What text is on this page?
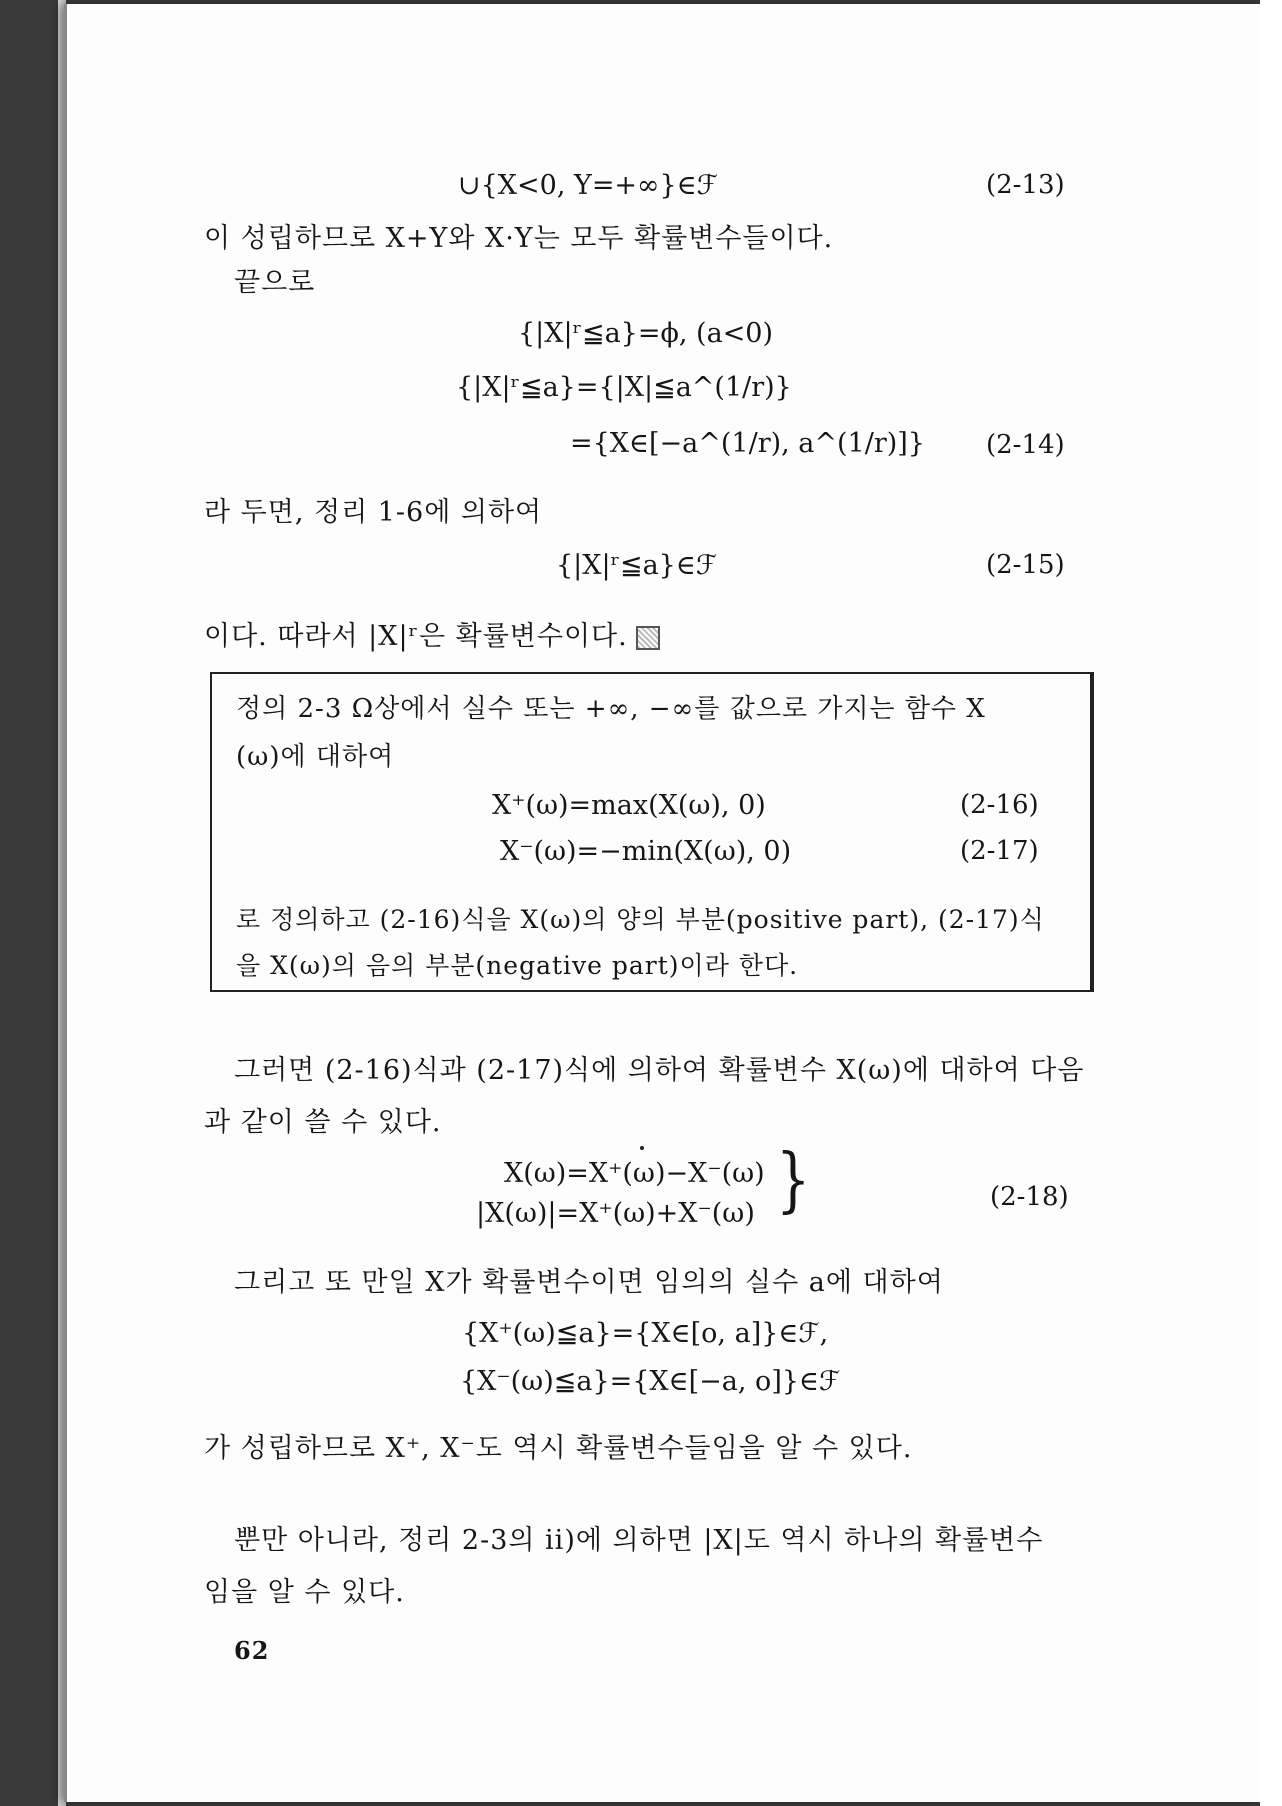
∪{X<0, Y=+∞}∈ℱ	(2-13)
이 성립하므로 X+Y와 X·Y는 모두 확률변수들이다.
끝으로
{|X|ʳ≦a}=ϕ, (a<0)
{|X|ʳ≦a}={|X|≦a^(1/r)}
={X∈[−a^(1/r), a^(1/r)]} (2-14)
라 두면, 정리 1-6에 의하여
{|X|ʳ≦a}∈ℱ	(2-15)
이다. 따라서 |X|ʳ은 확률변수이다.
정의 2-3 Ω상에서 실수 또는 +∞, −∞를 값으로 가지는 함수 X
(ω)에 대하여
X⁺(ω)=max(X(ω), 0)	(2-16)
X⁻(ω)=−min(X(ω), 0)	(2-17)
로 정의하고 (2-16)식을 X(ω)의 양의 부분(positive part), (2-17)식
을 X(ω)의 음의 부분(negative part)이라 한다.
그러면 (2-16)식과 (2-17)식에 의하여 확률변수 X(ω)에 대하여 다음
과 같이 쓸 수 있다.
X(ω)=X⁺(ω)−X⁻(ω)
|X(ω)|=X⁺(ω)+X⁻(ω) }	(2-18)
그리고 또 만일 X가 확률변수이면 임의의 실수 a에 대하여
{X⁺(ω)≦a}={X∈[o, a]}∈ℱ,
{X⁻(ω)≦a}={X∈[−a, o]}∈ℱ
가 성립하므로 X⁺, X⁻도 역시 확률변수들임을 알 수 있다.
뿐만 아니라, 정리 2-3의 ii)에 의하면 |X|도 역시 하나의 확률변수
임을 알 수 있다.
62
